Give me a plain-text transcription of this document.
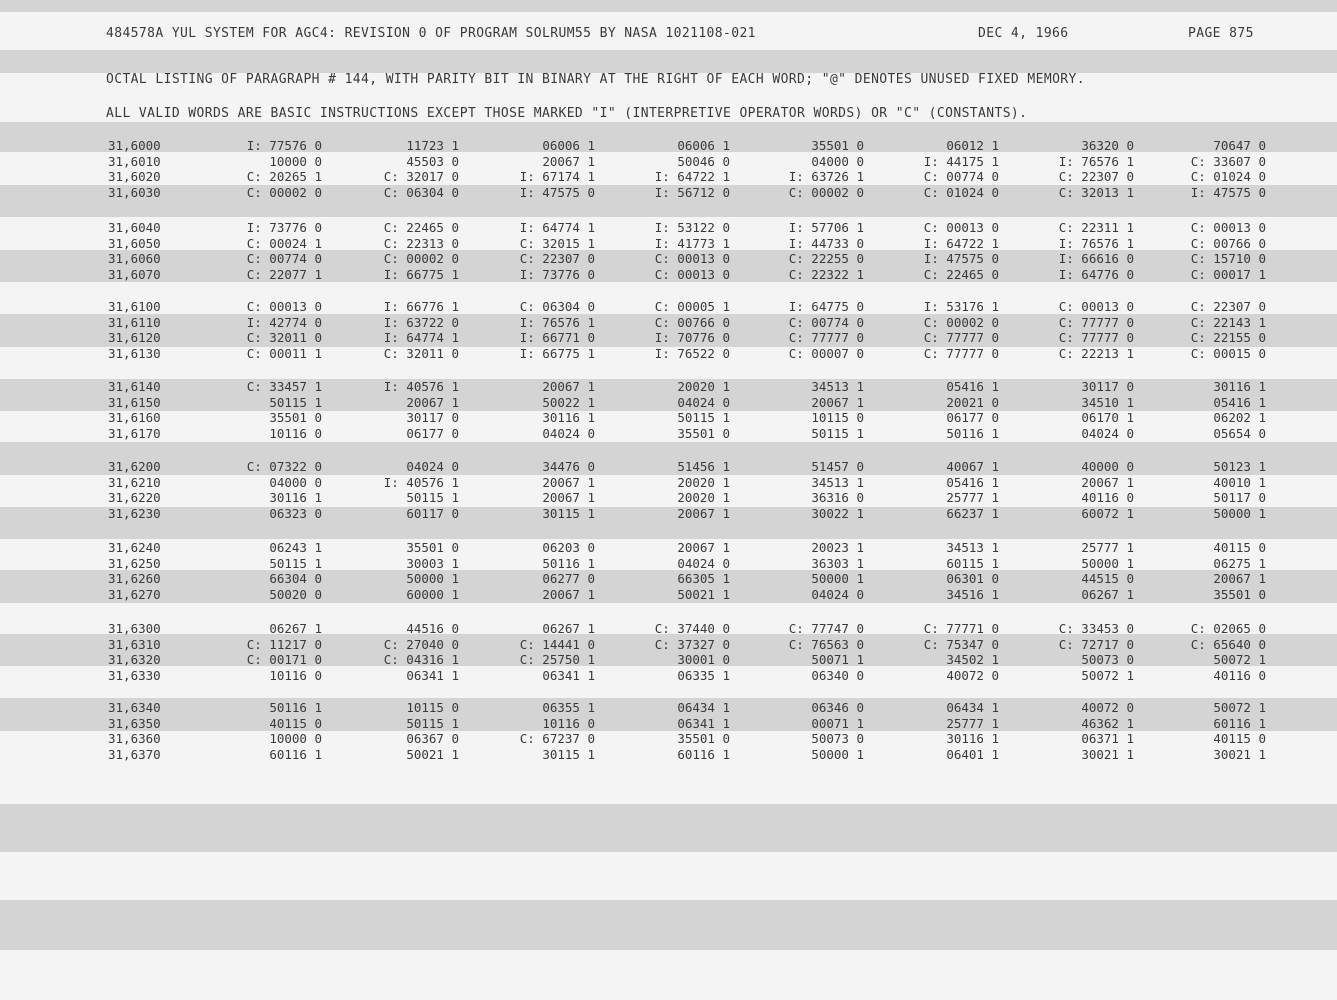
484578A YUL SYSTEM FOR AGC4: REVISION 0 OF PROGRAM SOLRUM55 BY NASA 1021108-021	DEC 4, 1966	PAGE 875
OCTAL LISTING OF PARAGRAPH # 144, WITH PARITY BIT IN BINARY AT THE RIGHT OF EACH WORD; "@" DENOTES UNUSED FIXED MEMORY.
ALL VALID WORDS ARE BASIC INSTRUCTIONS EXCEPT THOSE MARKED "I" (INTERPRETIVE OPERATOR WORDS) OR "C" (CONSTANTS).
31,6000	I: 77576 0	11723 1	06006 1	06006 1	35501 0	06012 1	36320 0	70647 0
31,6010	10000 0	45503 0	20067 1	50046 0	04000 0	I: 44175 1	I: 76576 1	C: 33607 0
31,6020	C: 20265 1	C: 32017 0	I: 67174 1	I: 64722 1	I: 63726 1	C: 00774 0	C: 22307 0	C: 01024 0
31,6030	C: 00002 0	C: 06304 0	I: 47575 0	I: 56712 0	C: 00002 0	C: 01024 0	C: 32013 1	I: 47575 0
31,6040	I: 73776 0	C: 22465 0	I: 64774 1	I: 53122 0	I: 57706 1	C: 00013 0	C: 22311 1	C: 00013 0
31,6050	C: 00024 1	C: 22313 0	C: 32015 1	I: 41773 1	I: 44733 0	I: 64722 1	I: 76576 1	C: 00766 0
31,6060	C: 00774 0	C: 00002 0	C: 22307 0	C: 00013 0	C: 22255 0	I: 47575 0	I: 66616 0	C: 15710 0
31,6070	C: 22077 1	I: 66775 1	I: 73776 0	C: 00013 0	C: 22322 1	C: 22465 0	I: 64776 0	C: 00017 1
31,6100	C: 00013 0	I: 66776 1	C: 06304 0	C: 00005 1	I: 64775 0	I: 53176 1	C: 00013 0	C: 22307 0
31,6110	I: 42774 0	I: 63722 0	I: 76576 1	C: 00766 0	C: 00774 0	C: 00002 0	C: 77777 0	C: 22143 1
31,6120	C: 32011 0	I: 64774 1	I: 66771 0	I: 70776 0	C: 77777 0	C: 77777 0	C: 77777 0	C: 22155 0
31,6130	C: 00011 1	C: 32011 0	I: 66775 1	I: 76522 0	C: 00007 0	C: 77777 0	C: 22213 1	C: 00015 0
31,6140	C: 33457 1	I: 40576 1	20067 1	20020 1	34513 1	05416 1	30117 0	30116 1
31,6150	50115 1	20067 1	50022 1	04024 0	20067 1	20021 0	34510 1	05416 1
31,6160	35501 0	30117 0	30116 1	50115 1	10115 0	06177 0	06170 1	06202 1
31,6170	10116 0	06177 0	04024 0	35501 0	50115 1	50116 1	04024 0	05654 0
31,6200	C: 07322 0	04024 0	34476 0	51456 1	51457 0	40067 1	40000 0	50123 1
31,6210	04000 0	I: 40576 1	20067 1	20020 1	34513 1	05416 1	20067 1	40010 1
31,6220	30116 1	50115 1	20067 1	20020 1	36316 0	25777 1	40116 0	50117 0
31,6230	06323 0	60117 0	30115 1	20067 1	30022 1	66237 1	60072 1	50000 1
31,6240	06243 1	35501 0	06203 0	20067 1	20023 1	34513 1	25777 1	40115 0
31,6250	50115 1	30003 1	50116 1	04024 0	36303 1	60115 1	50000 1	06275 1
31,6260	66304 0	50000 1	06277 0	66305 1	50000 1	06301 0	44515 0	20067 1
31,6270	50020 0	60000 1	20067 1	50021 1	04024 0	34516 1	06267 1	35501 0
31,6300	06267 1	44516 0	06267 1	C: 37440 0	C: 77747 0	C: 77771 0	C: 33453 0	C: 02065 0
31,6310	C: 11217 0	C: 27040 0	C: 14441 0	C: 37327 0	C: 76563 0	C: 75347 0	C: 72717 0	C: 65640 0
31,6320	C: 00171 0	C: 04316 1	C: 25750 1	30001 0	50071 1	34502 1	50073 0	50072 1
31,6330	10116 0	06341 1	06341 1	06335 1	06340 0	40072 0	50072 1	40116 0
31,6340	50116 1	10115 0	06355 1	06434 1	06346 0	06434 1	40072 0	50072 1
31,6350	40115 0	50115 1	10116 0	06341 1	00071 1	25777 1	46362 1	60116 1
31,6360	10000 0	06367 0	C: 67237 0	35501 0	50073 0	30116 1	06371 1	40115 0
31,6370	60116 1	50021 1	30115 1	60116 1	50000 1	06401 1	30021 1	30021 1
